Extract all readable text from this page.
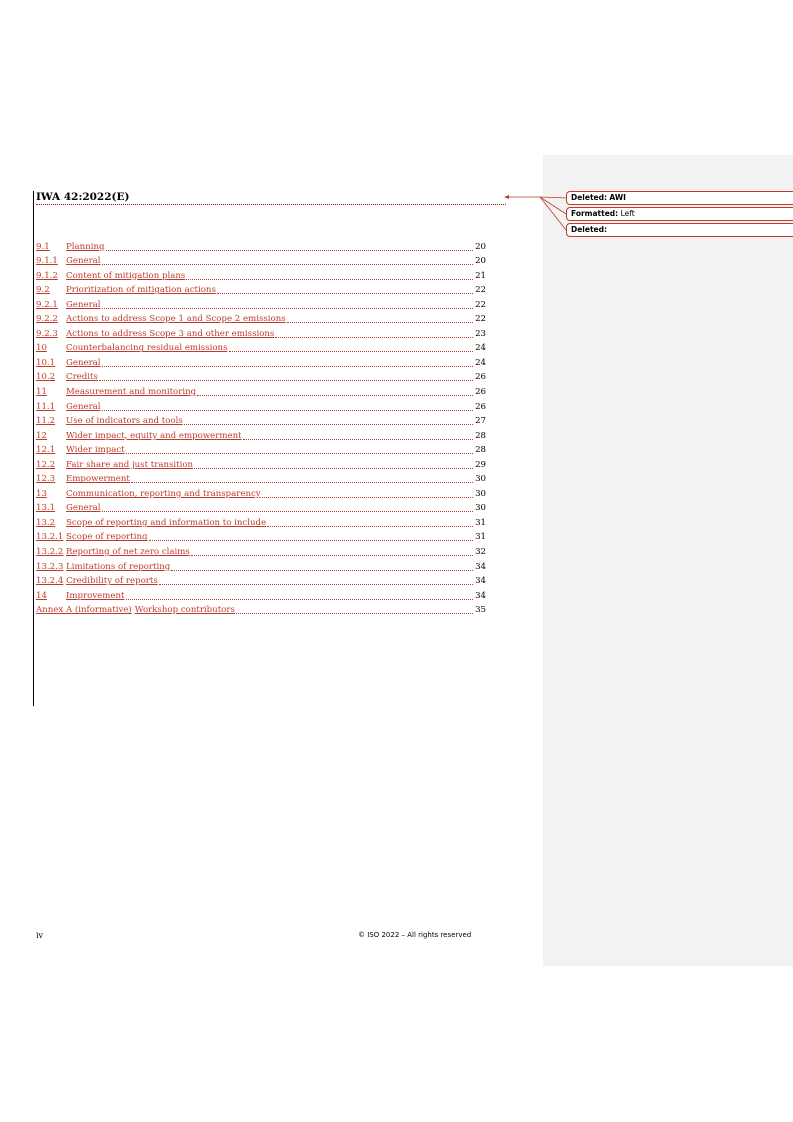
IWA 42:2022(E)
9.1	Planning	20
9.1.1 General	20
9.1.2 Content of mitigation plans	21
9.2	Prioritization of mitigation actions	22
9.2.1 General	22
9.2.2 Actions to address Scope 1 and Scope 2 emissions	22
9.2.3 Actions to address Scope 3 and other emissions	23
10	Counterbalancing residual emissions	24
10.1	General	24
10.2	Credits	26
11	Measurement and monitoring	26
11.1	General	26
11.2	Use of indicators and tools	27
12	Wider impact, equity and empowerment	28
12.1	Wider impact	28
12.2	Fair share and just transition	29
12.3	Empowerment	30
13	Communication, reporting and transparency	30
13.1	General	30
13.2	Scope of reporting and information to include	31
13.2.1 Scope of reporting	31
13.2.2 Reporting of net zero claims	32
13.2.3 Limitations of reporting	34
13.2.4 Credibility of reports	34
14	Improvement	34
Annex A (informative) Workshop contributors	35
iv	© ISO 2022 – All rights reserved
Deleted: AWI
Formatted: Left
Deleted:
